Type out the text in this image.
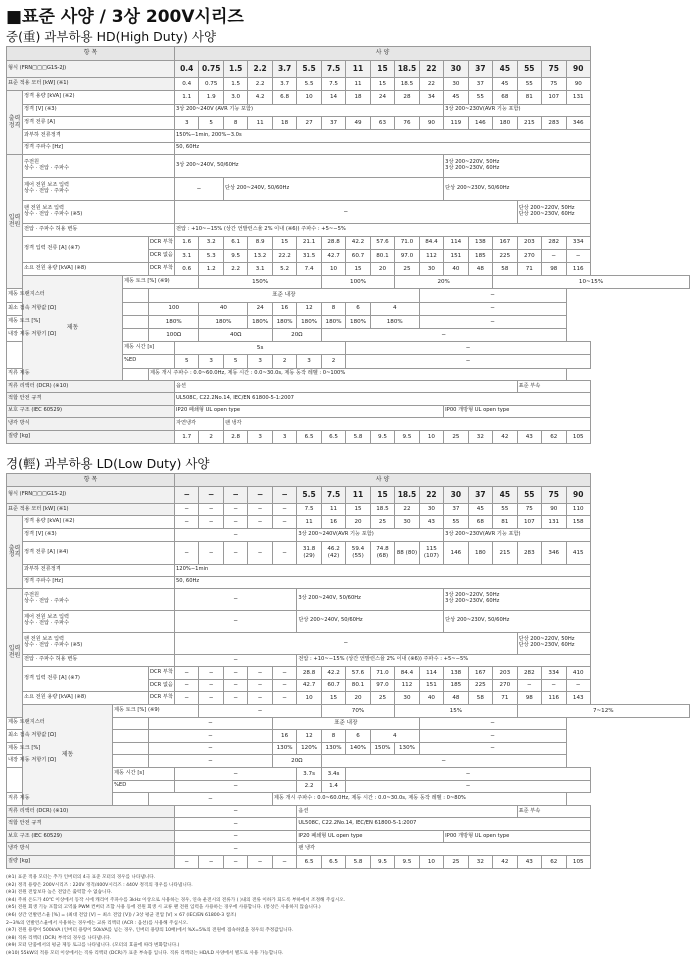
■표준 사양 / 3상 200V시리즈
중(重) 과부하용 HD(High Duty) 사양
항 목				사 양																
형식 (FRN□□□G1S-2J)				0.4	0.75	1.5	2.2	3.7	5.5	7.5	11	15	18.5	22	30	37	45	55	75	90
표준 적용 모터 [kW] (※1)				0.4	0.75	1.5	2.2	3.7	5.5	7.5	11	15	18.5	22	30	37	45	55	75	90
출력 정격	정격 용량 [kVA] (※2)			1.1	1.9	3.0	4.2	6.8	10	14	18	24	28	34	45	55	68	81	107	131
	정격 [V] (※3)			3상 200~240V (AVR 기능 포함)											3상 200~230V(AVR 기능 포함)					
	정격 전류 [A]			3	5	8	11	18	27	37	49	63	76	90	119	146	180	215	283	346
	과부하 전류정격			150%−1min, 200%−3.0s																
	정격 주파수 [Hz]			50, 60Hz																
입력 전원	주전원
상수 · 전압 · 주파수			3상 200~240V, 50/60Hz											3상 200~220V, 50Hz
3상 200~230V, 60Hz					
	제어 전원 보조 입력
상수 · 전압 · 주파수			−		단상 200~240V, 50/60Hz									단상 200~230V, 50/60Hz					
	팬 전원 보조 입력
상수 · 전압 · 주파수 (※5)			−														단상 200~220V, 50Hz
단상 200~230V, 60Hz		
	전압 · 주파수 허용 변동			전압 : +10~−15% (상간 언발런스율 2% 이내 (※6)) 주파수 : +5~−5%																
	정격 입력 전류 [A] (※7)		DCR 부착	1.6	3.2	6.1	8.9	15	21.1	28.8	42.2	57.6	71.0	84.4	114	138	167	203	282	334
			DCR 없음	3.1	5.3	9.5	13.2	22.2	31.5	42.7	60.7	80.1	97.0	112	151	185	225	270	−	−
	소요 전원 용량 [kVA] (※8)		DCR 부착	0.6	1.2	2.2	3.1	5.2	7.4	10	15	20	25	30	40	48	58	71	98	116
	제동	제동 토크 [%] (※9)			150%					100%			20%				10~15%			
제동 트랜지스터			표준 내장											−						
최소 접속 저항값 [Ω]			100		40		24	16	12	8	6	4		−						
제동 토크 [%]			180%		180%		180%	180%	180%	180%	180%	180%		−						
내장 제동 저항기 [Ω]			100Ω		40Ω			20Ω		−										
		제동 시간 [s]		5s							−									
		%ED		5	3	5	3	2	3	2	−									
직류 제동			제동 개시 주파수 : 0.0~60.0Hz, 제동 시간 : 0.0~30.0s, 제동 동작 레벨 : 0~100%																	
직류 리액터 (DCR) (※10)				옵션														표준 부속		
적합 안전 규격				UL508C, C22.2No.14, IEC/EN 61800-5-1:2007																
보호 구조 (IEC 60529)				IP20 폐쇄형 UL open type											IP00 개방형 UL open type					
냉각 방식				자연냉각		팬 냉각														
질량 [kg]				1.7	2	2.8	3	3	6.5	6.5	5.8	9.5	9.5	10	25	32	42	43	62	105
경(輕) 과부하용 LD(Low Duty) 사양
항 목				사 양																
형식 (FRN□□□G1S-2J)				−	−	−	−	−	5.5	7.5	11	15	18.5	22	30	37	45	55	75	90
표준 적용 모터 [kW] (※1)				−	−	−	−	−	7.5	11	15	18.5	22	30	37	45	55	75	90	110
출력 정격	정격 용량 [kVA] (※2)			−	−	−	−	−	11	16	20	25	30	43	55	68	81	107	131	158
	정격 [V] (※3)			−					3상 200~240V(AVR 기능 포함)						3상 200~230V(AVR 기능 포함)					
	정격 전류 [A] (※4)			−	−	−	−	−	31.8 (29)	46.2 (42)	59.4 (55)	74.8 (68)	88 (80)	115 (107)	146	180	215	283	346	415
	과부하 전류정격			120%−1min																
	정격 주파수 [Hz]			50, 60Hz																
입력 전원	주전원
상수 · 전압 · 주파수			−					3상 200~240V, 50/60Hz						3상 200~220V, 50Hz
3상 200~230V, 60Hz					
	제어 전원 보조 입력
상수 · 전압 · 주파수			−					단상 200~240V, 50/60Hz						단상 200~230V, 50/60Hz					
	팬 전원 보조 입력
상수 · 전압 · 주파수 (※5)			−														단상 200~220V, 50Hz
단상 200~230V, 60Hz		
	전압 · 주파수 허용 변동			−					전압 : +10~−15% (상간 언발런스율 2% 이내 (※6)) 주파수 : +5~−5%											
	정격 입력 전류 [A] (※7)		DCR 부착	−	−	−	−	−	28.8	42.2	57.6	71.0	84.4	114	138	167	203	282	334	410
			DCR 없음	−	−	−	−	−	42.7	60.7	80.1	97.0	112	151	185	225	270	−	−	−
	소요 전원 용량 [kVA] (※8)		DCR 부착	−	−	−	−	−	10	15	20	25	30	40	48	58	71	98	116	143
	제동	제동 토크 [%] (※9)			−					70%			15%					7~12%		
제동 트랜지스터			−					표준 내장						−						
최소 접속 저항값 [Ω]			−					16	12	8	6	4		−						
제동 토크 [%]			−					130%	120%	130%	140%	150%	130%	−						
내장 제동 저항기 [Ω]			−					20Ω		−										
		제동 시간 [s]		−					3.7s	3.4s	−									
		%ED		−					2.2	1.4	−									
직류 제동			−					제동 개시 주파수 : 0.0~60.0Hz, 제동 시간 : 0.0~30.0s, 제동 동작 레벨 : 0~80%												
직류 리액터 (DCR) (※10)				−					옵션									표준 부속		
적합 안전 규격				−					UL508C, C22.2No.14, IEC/EN 61800-5-1:2007											
보호 구조 (IEC 60529)				−					IP20 폐쇄형 UL open type						IP00 개방형 UL open type					
냉각 방식				−					팬 냉각											
질량 [kg]				−	−	−	−	−	6.5	6.5	5.8	9.5	9.5	10	25	32	42	43	62	105
(※1) 표준 적용 모터는 추가 인버터의 4극 표준 모터의 경우를 나타냅니다.
(※2) 정격 용량은 200V시리즈 : 220V 정격/400V시리즈 : 440V 정격의 경우를 나타냅니다.
(※3) 전원 전압보다 높은 전압은 출력할 수 없습니다.
(※4) 주위 온도가 40℃ 이상에서 동작 시에 캐리어 주파수를 3kHz 이상으로 사용하는 경우, 연속 운전시의 전류가 ( )내의 전류 이하가 되도록 부하에서 조정해 주십시오.
(※5) 전원 회생 기능 포함의 고역률 PWM 컨버터 조합 사용 등에 전원 회생 시 교류 팬 전원 입력을 사용하는 경우에 사용합니다. (통상은 사용하지 않습니다.)
(※6) 상간 언발런스율 [%] = (최대 전압 [V] − 최소 전압 [V]) / 3상 평균 전압 [V] × 67 (IEC/EN 61800-3 참조)
2~3%의 언발런스율에서 사용하는 경우에는 교류 리액터 (ACR : 옵션)를 사용해 주십시오.
(※7) 전원 용량이 500kVA (인버터 용량이 50kVA를 넘는 경우, 인버터 용량의 10배)에서 %X=5%의 전원에 접속하였을 경우의 추정값입니다.
(※8) 직류 리액터 (DCR) 부착의 경우를 나타냅니다.
(※9) 모터 단품에서의 평균 제동 토크를 나타냅니다. (모터의 효율에 따라 변화합니다.)
(※10) 55kW의 적용 모터 이상에서는 직류 리액터 (DCR)가 표준 부속품 입니다. 직류 리액터는 HD/LD 사양에서 별도로 사용 가능합니다.
